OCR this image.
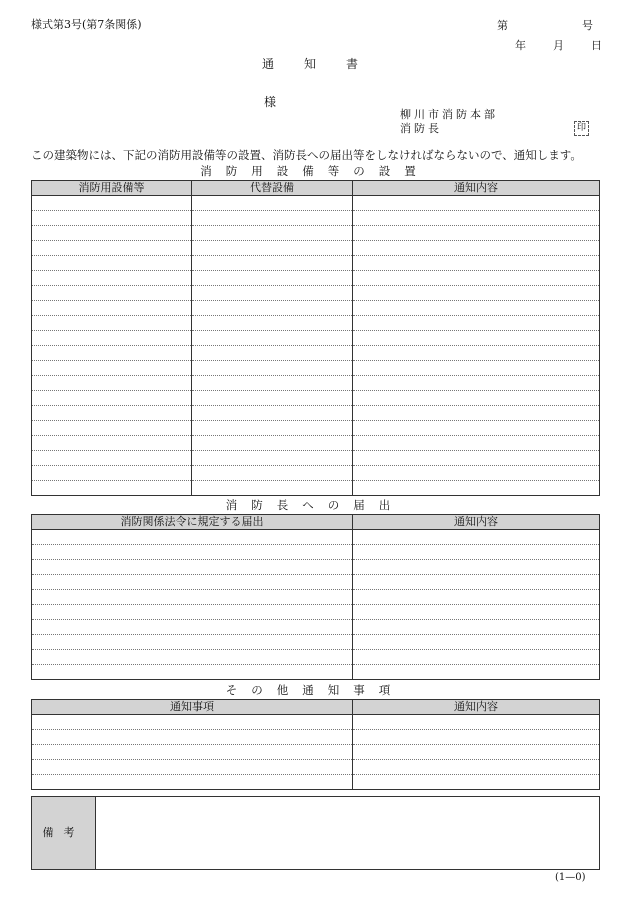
様式第3号(第7条関係)	第	号
年 月 日
通知書
様
柳川市消防本部
消防長	印
この建築物には、下記の消防用設備等の設置、消防長への届出等をしなければならないので、通知します。
消防用設備等の設置
消防用設備等	代替設備	通知内容

消防長への届出
消防関係法令に規定する届出	通知内容

その他通知事項
通知事項	通知内容

備考
(1—0)
